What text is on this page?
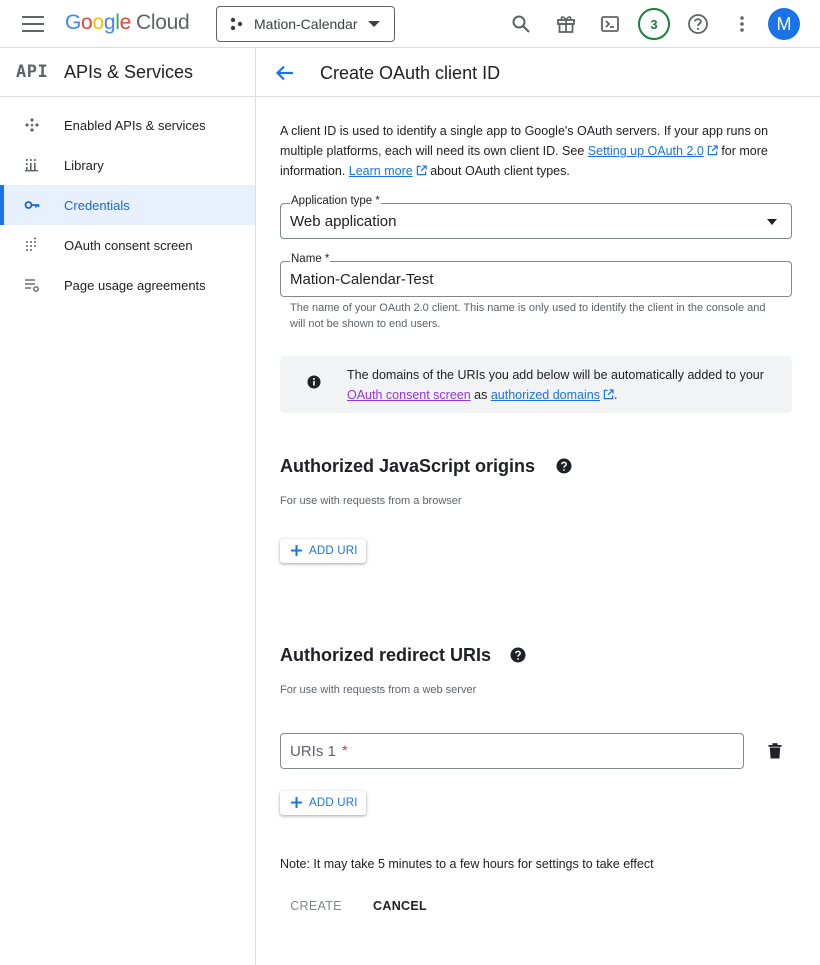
Google Cloud	Mation-Calendar	3	M
API APIs & Services
Enabled APIs & services
Library
Credentials
OAuth consent screen
Page usage agreements
Create OAuth client ID
A client ID is used to identify a single app to Google's OAuth servers. If your app runs on multiple platforms, each will need its own client ID. See Setting up OAuth 2.0 for more information. Learn more about OAuth client types.
Application type *
Web application
Name *
Mation-Calendar-Test
The name of your OAuth 2.0 client. This name is only used to identify the client in the console and will not be shown to end users.
The domains of the URIs you add below will be automatically added to your OAuth consent screen as authorized domains .
Authorized JavaScript origins
For use with requests from a browser
ADD URI
Authorized redirect URIs
For use with requests from a web server
URIs 1
*
ADD URI
Note: It may take 5 minutes to a few hours for settings to take effect
CREATE	CANCEL
